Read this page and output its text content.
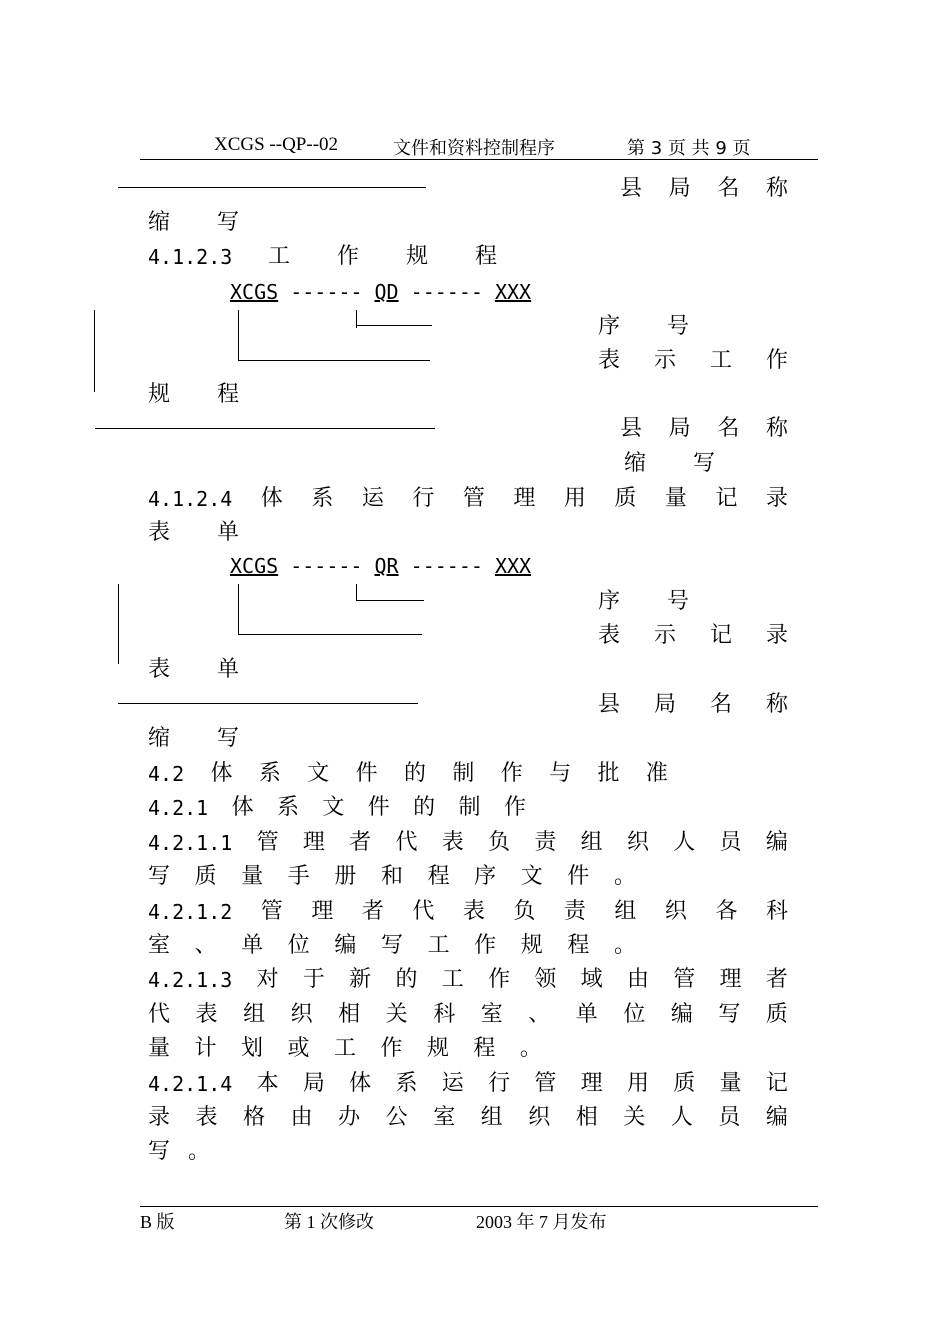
XCGS --QP--02	文件和资料控制程序	第 3 页 共 9 页
县 局 名 称
缩 写
4.1.2.3 工 作 规 程
XCGS ------ QD ------ XXX
序 号
表 示 工 作
规 程
县 局 名 称
缩 写
4.1.2.4 体 系 运 行 管 理 用 质 量 记 录
表 单
XCGS ------ QR ------ XXX
序 号
表 示 记 录
表 单
县 局 名 称
缩 写
4.2 体 系 文 件 的 制 作 与 批 准
4.2.1 体 系 文 件 的 制 作
4.2.1.1 管 理 者 代 表 负 责 组 织 人 员 编
写 质 量 手 册 和 程 序 文 件 。
4.2.1.2 管 理 者 代 表 负 责 组 织 各 科
室 、 单 位 编 写 工 作 规 程 。
4.2.1.3 对 于 新 的 工 作 领 域 由 管 理 者
代 表 组 织 相 关 科 室 、 单 位 编 写 质
量 计 划 或 工 作 规 程 。
4.2.1.4 本 局 体 系 运 行 管 理 用 质 量 记
录 表 格 由 办 公 室 组 织 相 关 人 员 编
写 。
B 版	第 1 次修改	2003 年 7 月发布
